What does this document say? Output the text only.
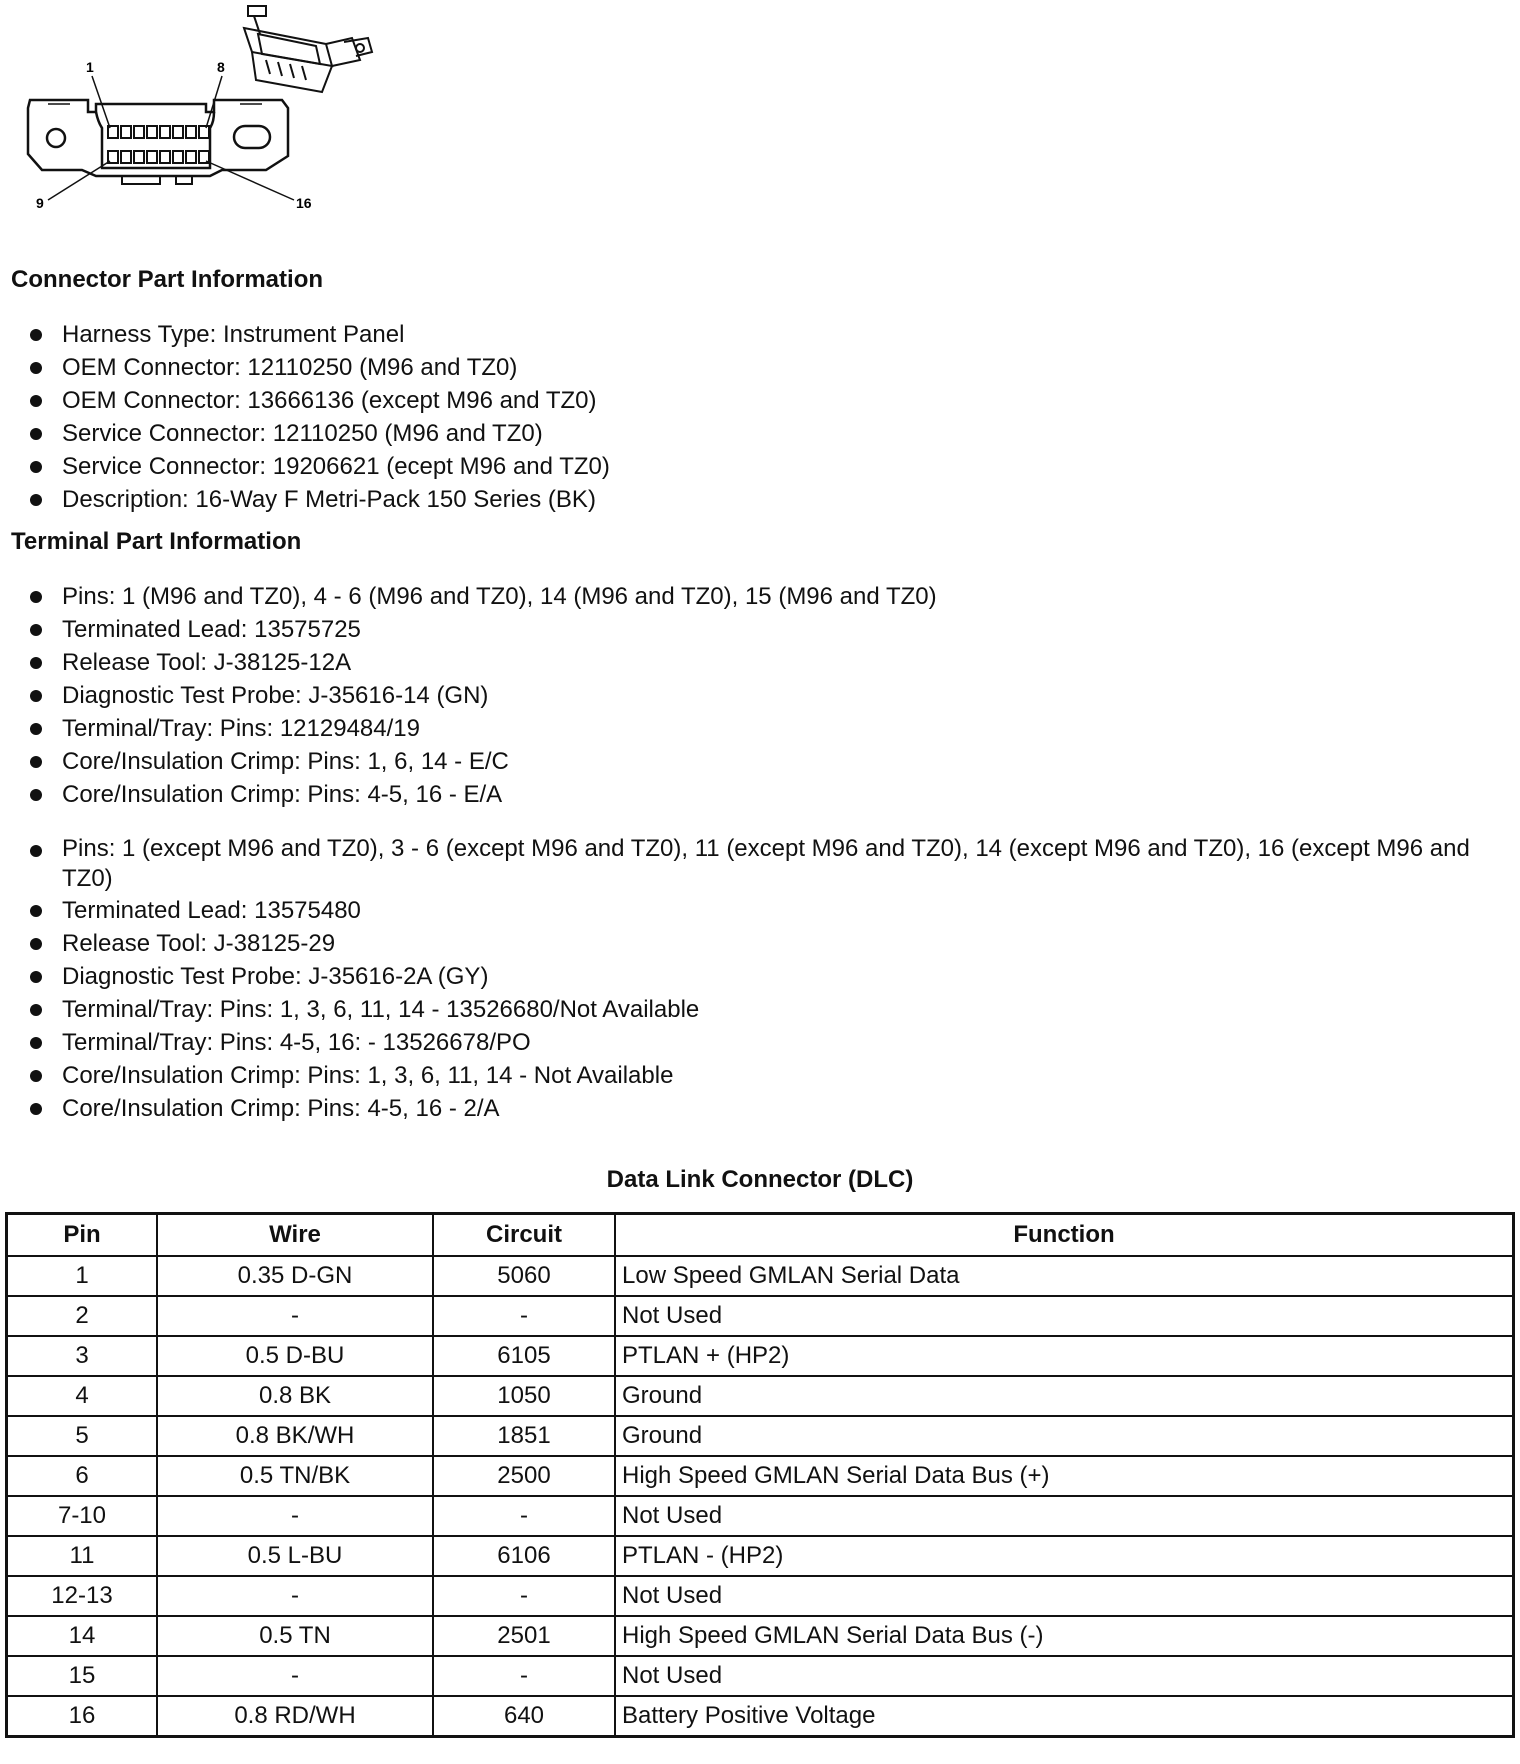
1	8
9	16
Connector Part Information
Harness Type: Instrument Panel
OEM Connector: 12110250 (M96 and TZ0)
OEM Connector: 13666136 (except M96 and TZ0)
Service Connector: 12110250 (M96 and TZ0)
Service Connector: 19206621 (ecept M96 and TZ0)
Description: 16-Way F Metri-Pack 150 Series (BK)
Terminal Part Information
Pins: 1 (M96 and TZ0), 4 - 6 (M96 and TZ0), 14 (M96 and TZ0), 15 (M96 and TZ0)
Terminated Lead: 13575725
Release Tool: J-38125-12A
Diagnostic Test Probe: J-35616-14 (GN)
Terminal/Tray: Pins: 12129484/19
Core/Insulation Crimp: Pins: 1, 6, 14 - E/C
Core/Insulation Crimp: Pins: 4-5, 16 - E/A
Pins: 1 (except M96 and TZ0), 3 - 6 (except M96 and TZ0), 11 (except M96 and TZ0), 14 (except M96 and TZ0), 16 (except M96 and TZ0)
Terminated Lead: 13575480
Release Tool: J-38125-29
Diagnostic Test Probe: J-35616-2A (GY)
Terminal/Tray: Pins: 1, 3, 6, 11, 14 - 13526680/Not Available
Terminal/Tray: Pins: 4-5, 16: - 13526678/PO
Core/Insulation Crimp: Pins: 1, 3, 6, 11, 14 - Not Available
Core/Insulation Crimp: Pins: 4-5, 16 - 2/A
Data Link Connector (DLC)
Pin	Wire	Circuit	Function
1	0.35 D-GN	5060	Low Speed GMLAN Serial Data
2	-	-	Not Used
3	0.5 D-BU	6105	PTLAN + (HP2)
4	0.8 BK	1050	Ground
5	0.8 BK/WH	1851	Ground
6	0.5 TN/BK	2500	High Speed GMLAN Serial Data Bus (+)
7-10	-	-	Not Used
11	0.5 L-BU	6106	PTLAN - (HP2)
12-13	-	-	Not Used
14	0.5 TN	2501	High Speed GMLAN Serial Data Bus (-)
15	-	-	Not Used
16	0.8 RD/WH	640	Battery Positive Voltage
